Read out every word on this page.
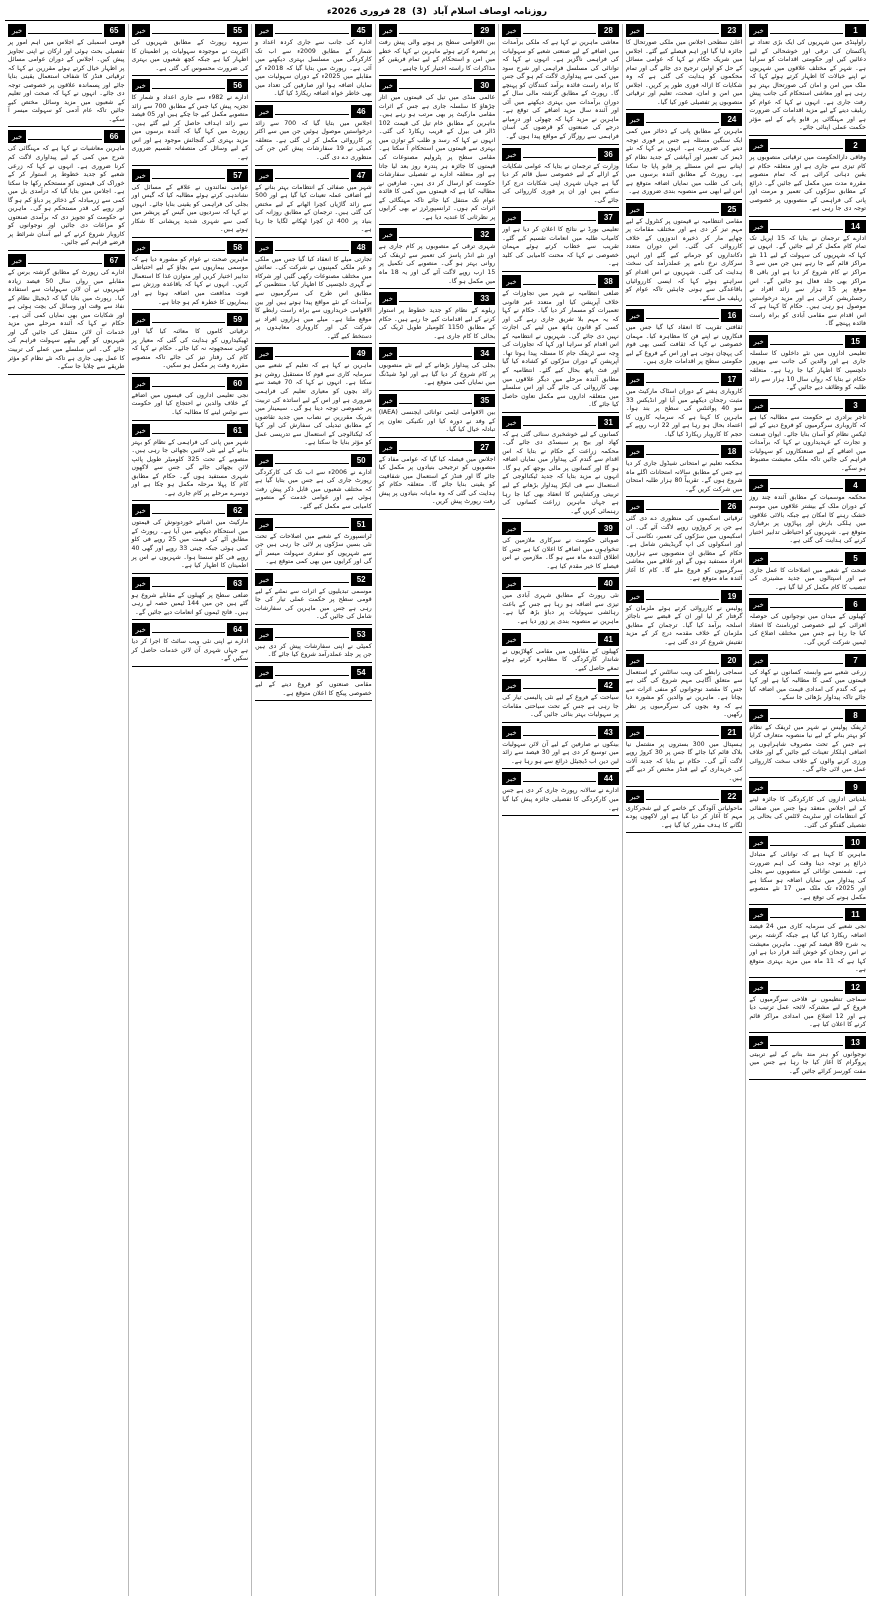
روزنامہ اوصاف اسلام آباد
(3)
28 فروری 2026ء
1
خبر
راولپنڈی میں شہریوں کی ایک بڑی تعداد نے پاکستان کی ترقی اور خوشحالی کے لیے دعائیں کیں اور حکومتی اقدامات کو سراہا ہے۔ شہر کے مختلف علاقوں میں شہریوں نے اپنے خیالات کا اظہار کرتے ہوئے کہا کہ ملک میں امن و امان کی صورتحال بہتر ہو رہی ہے اور معاشی استحکام کی جانب پیش رفت جاری ہے۔ انہوں نے کہا کہ عوام کو ریلیف دینے کے لیے مزید اقدامات کی ضرورت ہے اور مہنگائی پر قابو پانے کے لیے مؤثر حکمت عملی اپنائی جائے۔
2
خبر
وفاقی دارالحکومت میں ترقیاتی منصوبوں پر کام تیزی سے جاری ہے اور متعلقہ حکام نے یقین دہانی کرائی ہے کہ تمام منصوبے مقررہ مدت میں مکمل کیے جائیں گے۔ ذرائع کے مطابق سڑکوں کی تعمیر و مرمت اور پانی کی فراہمی کے منصوبوں پر خصوصی توجہ دی جا رہی ہے۔
14
خبر
ادارے کے ترجمان نے بتایا کہ 15 اپریل تک تمام کام مکمل کر لیے جائیں گے۔ انہوں نے کہا کہ شہریوں کی سہولت کے لیے 11 نئے مراکز قائم کیے جا رہے ہیں جن میں سے 3 مراکز نے کام شروع کر دیا ہے اور باقی 8 مراکز بھی جلد فعال ہو جائیں گے۔ اس موقع پر 15 ہزار سے زائد افراد نے رجسٹریشن کرائی ہے اور مزید درخواستیں موصول ہو رہی ہیں۔ حکام کا کہنا ہے کہ اس اقدام سے مقامی آبادی کو براہ راست فائدہ پہنچے گا۔
15
خبر
تعلیمی اداروں میں نئے داخلوں کا سلسلہ جاری ہے اور والدین کی جانب سے بھرپور دلچسپی کا اظہار کیا جا رہا ہے۔ متعلقہ حکام نے بتایا کہ رواں سال 10 ہزار سے زائد طلبہ کو وظائف دیے جائیں گے۔
3
خبر
تاجر برادری نے حکومت سے مطالبہ کیا ہے کہ کاروباری سرگرمیوں کو فروغ دینے کے لیے ٹیکس نظام کو آسان بنایا جائے۔ ایوان صنعت و تجارت کے عہدیداروں نے کہا کہ برآمدات میں اضافے کے لیے صنعتکاروں کو سہولیات فراہم کی جائیں تاکہ ملکی معیشت مضبوط ہو سکے۔
4
خبر
محکمہ موسمیات کے مطابق آئندہ چند روز کے دوران ملک کے بیشتر علاقوں میں موسم خشک رہنے کا امکان ہے جبکہ بالائی علاقوں میں ہلکی بارش اور پہاڑوں پر برفباری متوقع ہے۔ شہریوں کو احتیاطی تدابیر اختیار کرنے کی ہدایت کی گئی ہے۔
5
خبر
صحت کے شعبے میں اصلاحات کا عمل جاری ہے اور اسپتالوں میں جدید مشینری کی تنصیب کا کام مکمل کر لیا گیا ہے۔
6
خبر
کھیلوں کے میدان میں نوجوانوں کی حوصلہ افزائی کے لیے خصوصی ٹورنامنٹ کا انعقاد کیا جا رہا ہے جس میں مختلف اضلاع کی ٹیمیں شرکت کریں گی۔
7
خبر
زرعی شعبے سے وابستہ کسانوں نے کھاد کی قیمتوں میں کمی کا مطالبہ کیا ہے اور کہا ہے کہ گندم کی امدادی قیمت میں اضافہ کیا جائے تاکہ پیداوار بڑھائی جا سکے۔
8
خبر
ٹریفک پولیس نے شہر میں ٹریفک کے نظام کو بہتر بنانے کے لیے نیا منصوبہ متعارف کرایا ہے جس کے تحت مصروف شاہراہوں پر اضافی اہلکار تعینات کیے جائیں گے اور خلاف ورزی کرنے والوں کے خلاف سخت کارروائی عمل میں لائی جائے گی۔
9
خبر
بلدیاتی اداروں کی کارکردگی کا جائزہ لینے کے لیے اجلاس منعقد ہوا جس میں صفائی کے انتظامات اور سٹریٹ لائٹس کی بحالی پر تفصیلی گفتگو کی گئی۔
10
خبر
ماہرین کا کہنا ہے کہ توانائی کے متبادل ذرائع پر توجہ دینا وقت کی اہم ضرورت ہے۔ شمسی توانائی کے منصوبوں سے بجلی کی پیداوار میں نمایاں اضافہ ہو سکتا ہے اور 2025ء تک ملک میں 17 نئے منصوبے مکمل ہونے کی توقع ہے۔
11
خبر
نجی شعبے کی سرمایہ کاری میں 24 فیصد اضافہ ریکارڈ کیا گیا ہے جبکہ گزشتہ برس یہ شرح 89 فیصد کم تھی۔ ماہرین معیشت نے اس رجحان کو خوش آئند قرار دیا ہے اور کہا ہے کہ 11 ماہ میں مزید بہتری متوقع ہے۔
12
خبر
سماجی تنظیموں نے فلاحی سرگرمیوں کے فروغ کے لیے مشترکہ لائحہ عمل ترتیب دیا ہے اور 12 اضلاع میں امدادی مراکز قائم کرنے کا اعلان کیا ہے۔
13
خبر
نوجوانوں کو ہنر مند بنانے کے لیے تربیتی پروگرام کا آغاز کیا جا رہا ہے جس میں مفت کورسز کرائے جائیں گے۔
23
خبر
اعلیٰ سطحی اجلاس میں ملکی صورتحال کا جائزہ لیا گیا اور اہم فیصلے کیے گئے۔ اجلاس میں شریک حکام نے کہا کہ عوامی مسائل کے حل کو اولین ترجیح دی جائے گی اور تمام محکموں کو ہدایت کی گئی ہے کہ وہ شکایات کا ازالہ فوری طور پر کریں۔ اجلاس میں امن و امان، صحت، تعلیم اور ترقیاتی منصوبوں پر تفصیلی غور کیا گیا۔
24
خبر
ماہرین کے مطابق پانی کے ذخائر میں کمی ایک سنگین مسئلہ ہے جس پر فوری توجہ دینے کی ضرورت ہے۔ انہوں نے کہا کہ نئے ڈیمز کی تعمیر اور آبپاشی کے جدید نظام کو اپنانے سے اس مسئلے پر قابو پایا جا سکتا ہے۔ رپورٹ کے مطابق آئندہ برسوں میں پانی کی طلب میں نمایاں اضافہ متوقع ہے اس لیے ابھی سے منصوبہ بندی ضروری ہے۔
25
خبر
مقامی انتظامیہ نے قیمتوں پر کنٹرول کے لیے مہم تیز کر دی ہے اور مختلف مقامات پر چھاپے مار کر ذخیرہ اندوزوں کے خلاف کارروائی کی گئی۔ اس دوران متعدد دکانداروں کو جرمانے کیے گئے اور انہیں سرکاری نرخ نامے پر عملدرآمد کی سخت ہدایت کی گئی۔ شہریوں نے اس اقدام کو سراہتے ہوئے کہا کہ ایسی کارروائیاں باقاعدگی سے ہونی چاہئیں تاکہ عوام کو ریلیف مل سکے۔
16
خبر
ثقافتی تقریب کا انعقاد کیا گیا جس میں فنکاروں نے اپنے فن کا مظاہرہ کیا۔ مہمان خصوصی نے کہا کہ ثقافت کسی بھی قوم کی پہچان ہوتی ہے اور اس کے فروغ کے لیے حکومتی سطح پر اقدامات جاری ہیں۔
17
خبر
کاروباری ہفتے کے دوران اسٹاک مارکیٹ میں مثبت رجحان دیکھنے میں آیا اور انڈیکس 33 سو 40 پوائنٹس کی سطح پر بند ہوا۔ ماہرین کا کہنا ہے کہ سرمایہ کاروں کا اعتماد بحال ہو رہا ہے اور 22 ارب روپے کے حجم کا کاروبار ریکارڈ کیا گیا۔
18
خبر
محکمہ تعلیم نے امتحانی شیڈول جاری کر دیا ہے جس کے مطابق سالانہ امتحانات اگلے ماہ شروع ہوں گے۔ تقریباً 80 ہزار طلبہ امتحان میں شرکت کریں گے۔
26
خبر
ترقیاتی اسکیموں کی منظوری دے دی گئی ہے جن پر کروڑوں روپے لاگت آئے گی۔ ان اسکیموں میں سڑکوں کی تعمیر، نکاسی آب اور اسکولوں کی اپ گریڈیشن شامل ہے۔ حکام کے مطابق ان منصوبوں سے ہزاروں افراد مستفید ہوں گے اور علاقے میں معاشی سرگرمیوں کو فروغ ملے گا۔ کام کا آغاز آئندہ ماہ متوقع ہے۔
19
خبر
پولیس نے کارروائی کرتے ہوئے ملزمان کو گرفتار کر لیا اور ان کے قبضے سے ناجائز اسلحہ برآمد کیا گیا۔ ترجمان کے مطابق ملزمان کے خلاف مقدمہ درج کر کے مزید تفتیش شروع کر دی گئی ہے۔
20
خبر
سماجی رابطے کی ویب سائٹس کے استعمال سے متعلق آگاہی مہم شروع کی گئی ہے جس کا مقصد نوجوانوں کو منفی اثرات سے بچانا ہے۔ ماہرین نے والدین کو مشورہ دیا ہے کہ وہ بچوں کی سرگرمیوں پر نظر رکھیں۔
21
خبر
ہسپتال میں 300 بستروں پر مشتمل نیا بلاک قائم کیا جائے گا جس پر 30 کروڑ روپے لاگت آئے گی۔ حکام نے بتایا کہ جدید آلات کی خریداری کے لیے فنڈز مختص کر دیے گئے ہیں۔
22
خبر
ماحولیاتی آلودگی کے خاتمے کے لیے شجرکاری مہم کا آغاز کر دیا گیا ہے اور لاکھوں پودے لگانے کا ہدف مقرر کیا گیا ہے۔
28
خبر
معاشی ماہرین نے کہا ہے کہ ملکی برآمدات میں اضافے کے لیے صنعتی شعبے کو سہولیات کی فراہمی ناگزیر ہے۔ انہوں نے کہا کہ توانائی کی مسلسل فراہمی اور شرح سود میں کمی سے پیداواری لاگت کم ہو گی جس کا براہ راست فائدہ برآمد کنندگان کو پہنچے گا۔ رپورٹ کے مطابق گزشتہ مالی سال کے دوران برآمدات میں بہتری دیکھنے میں آئی اور آئندہ سال مزید اضافے کی توقع ہے۔ ماہرین نے مزید کہا کہ چھوٹی اور درمیانے درجے کی صنعتوں کو قرضوں کی آسان فراہمی سے روزگار کے مواقع پیدا ہوں گے۔
36
خبر
وزارت کے ترجمان نے بتایا کہ عوامی شکایات کے ازالے کے لیے خصوصی سیل قائم کر دیا گیا ہے جہاں شہری اپنی شکایات درج کرا سکتے ہیں اور ان پر فوری کارروائی کی جائے گی۔
37
خبر
تعلیمی بورڈ نے نتائج کا اعلان کر دیا ہے اور کامیاب طلبہ میں انعامات تقسیم کیے گئے۔ تقریب سے خطاب کرتے ہوئے مہمان خصوصی نے کہا کہ محنت کامیابی کی کلید ہے۔
38
خبر
ضلعی انتظامیہ نے شہر میں تجاوزات کے خلاف آپریشن کیا اور متعدد غیر قانونی تعمیرات کو مسمار کر دیا گیا۔ حکام نے کہا کہ یہ مہم بلا تفریق جاری رہے گی اور کسی کو قانون ہاتھ میں لینے کی اجازت نہیں دی جائے گی۔ شہریوں نے انتظامیہ کے اس اقدام کو سراہا اور کہا کہ تجاوزات کی وجہ سے ٹریفک جام کا مسئلہ پیدا ہوتا تھا۔ آپریشن کے دوران سڑکوں کو کشادہ کیا گیا اور فٹ پاتھ بحال کیے گئے۔ انتظامیہ کے مطابق آئندہ مرحلے میں دیگر علاقوں میں بھی کارروائی کی جائے گی اور اس سلسلے میں متعلقہ اداروں سے مکمل تعاون حاصل کیا جائے گا۔
31
خبر
کسانوں کے لیے خوشخبری سنائی گئی ہے کہ کھاد اور بیج پر سبسڈی دی جائے گی۔ محکمہ زراعت کے حکام نے بتایا کہ اس اقدام سے گندم کی پیداوار میں نمایاں اضافہ ہو گا اور کسانوں پر مالی بوجھ کم ہو گا۔ انہوں نے مزید بتایا کہ جدید ٹیکنالوجی کے استعمال سے فی ایکڑ پیداوار بڑھانے کے لیے تربیتی ورکشاپس کا انعقاد بھی کیا جا رہا ہے جہاں ماہرین زراعت کسانوں کی رہنمائی کریں گے۔
39
خبر
صوبائی حکومت نے سرکاری ملازمین کی تنخواہوں میں اضافے کا اعلان کیا ہے جس کا اطلاق آئندہ ماہ سے ہو گا۔ ملازمین نے اس فیصلے کا خیر مقدم کیا ہے۔
40
خبر
نئی رپورٹ کے مطابق شہری آبادی میں تیزی سے اضافہ ہو رہا ہے جس کے باعث رہائشی سہولیات پر دباؤ بڑھ گیا ہے۔ ماہرین نے منصوبہ بندی پر زور دیا ہے۔
41
خبر
کھیلوں کے مقابلوں میں مقامی کھلاڑیوں نے شاندار کارکردگی کا مظاہرہ کرتے ہوئے تمغے حاصل کیے۔
42
خبر
سیاحت کے فروغ کے لیے نئی پالیسی تیار کی جا رہی ہے جس کے تحت سیاحتی مقامات پر سہولیات بہتر بنائی جائیں گی۔
43
خبر
بینکوں نے صارفین کے لیے آن لائن سہولیات میں توسیع کر دی ہے اور 30 فیصد سے زائد لین دین اب ڈیجیٹل ذرائع سے ہو رہا ہے۔
44
خبر
ادارے نے سالانہ رپورٹ جاری کر دی ہے جس میں کارکردگی کا تفصیلی جائزہ پیش کیا گیا ہے۔
29
خبر
بین الاقوامی سطح پر ہونے والی پیش رفت پر تبصرہ کرتے ہوئے ماہرین نے کہا کہ خطے میں امن و استحکام کے لیے تمام فریقین کو مذاکرات کا راستہ اختیار کرنا چاہیے۔
30
خبر
عالمی منڈی میں تیل کی قیمتوں میں اتار چڑھاؤ کا سلسلہ جاری ہے جس کے اثرات مقامی مارکیٹ پر بھی مرتب ہو رہے ہیں۔ ماہرین کے مطابق خام تیل کی قیمت 102 ڈالر فی بیرل کے قریب ریکارڈ کی گئی۔ انہوں نے کہا کہ رسد و طلب کے توازن میں بہتری سے قیمتوں میں استحکام آ سکتا ہے۔ مقامی سطح پر پٹرولیم مصنوعات کی قیمتوں کا جائزہ ہر پندرہ روز بعد لیا جاتا ہے اور متعلقہ ادارے نے تفصیلی سفارشات حکومت کو ارسال کر دی ہیں۔ صارفین نے مطالبہ کیا ہے کہ قیمتوں میں کمی کا فائدہ عوام تک منتقل کیا جائے تاکہ مہنگائی کے اثرات کم ہوں۔ ٹرانسپورٹرز نے بھی کرایوں پر نظرثانی کا عندیہ دیا ہے۔
32
خبر
شہری ترقی کے منصوبوں پر کام جاری ہے اور نئے انڈر پاسز کی تعمیر سے ٹریفک کی روانی بہتر ہو گی۔ منصوبے کی تکمیل پر 15 ارب روپے لاگت آئے گی اور یہ 18 ماہ میں مکمل ہو گا۔
33
خبر
ریلوے کے نظام کو جدید خطوط پر استوار کرنے کے لیے اقدامات کیے جا رہے ہیں۔ حکام کے مطابق 1150 کلومیٹر طویل ٹریک کی بحالی کا کام جاری ہے۔
34
خبر
بجلی کی پیداوار بڑھانے کے لیے نئے منصوبوں پر کام شروع کر دیا گیا ہے اور لوڈ شیڈنگ میں نمایاں کمی متوقع ہے۔
35
خبر
بین الاقوامی ایٹمی توانائی ایجنسی (IAEA) کے وفد نے دورہ کیا اور تکنیکی تعاون پر تبادلہ خیال کیا گیا۔
27
خبر
اجلاس میں فیصلہ کیا گیا کہ عوامی مفاد کے منصوبوں کو ترجیحی بنیادوں پر مکمل کیا جائے گا اور فنڈز کے استعمال میں شفافیت کو یقینی بنایا جائے گا۔ متعلقہ حکام کو ہدایت کی گئی کہ وہ ماہانہ بنیادوں پر پیش رفت رپورٹ پیش کریں۔
45
خبر
ادارے کی جانب سے جاری کردہ اعداد و شمار کے مطابق 2009ء سے اب تک کارکردگی میں مسلسل بہتری دیکھنے میں آئی ہے۔ رپورٹ میں بتایا گیا کہ 2018ء کے مقابلے میں 2025ء کے دوران سہولیات میں نمایاں اضافہ ہوا اور صارفین کی تعداد میں بھی خاطر خواہ اضافہ ریکارڈ کیا گیا۔
46
خبر
اجلاس میں بتایا گیا کہ 700 سے زائد درخواستیں موصول ہوئیں جن میں سے اکثر پر کارروائی مکمل کر لی گئی ہے۔ متعلقہ کمیٹی نے 19 سفارشات پیش کیں جن کی منظوری دے دی گئی۔
47
خبر
شہر میں صفائی کے انتظامات بہتر بنانے کے لیے اضافی عملہ تعینات کیا گیا ہے اور 500 سے زائد گاڑیاں کچرا اٹھانے کے لیے مختص کی گئی ہیں۔ ترجمان کے مطابق روزانہ کی بنیاد پر 400 ٹن کچرا ٹھکانے لگایا جا رہا ہے۔
48
خبر
تجارتی میلے کا انعقاد کیا گیا جس میں ملکی و غیر ملکی کمپنیوں نے شرکت کی۔ نمائش میں مختلف مصنوعات رکھی گئیں اور شرکاء نے گہری دلچسپی کا اظہار کیا۔ منتظمین کے مطابق اس طرح کی سرگرمیوں سے برآمدات کے نئے مواقع پیدا ہوتے ہیں اور بین الاقوامی خریداروں سے براہ راست رابطے کا موقع ملتا ہے۔ میلے میں ہزاروں افراد نے شرکت کی اور کاروباری معاہدوں پر دستخط کیے گئے۔
49
خبر
ماہرین نے کہا ہے کہ تعلیم کے شعبے میں سرمایہ کاری سے قوم کا مستقبل روشن ہو سکتا ہے۔ انہوں نے کہا کہ 70 فیصد سے زائد بچوں کو معیاری تعلیم کی فراہمی ضروری ہے اور اس کے لیے اساتذہ کی تربیت پر خصوصی توجہ دینا ہو گی۔ سیمینار میں شریک مقررین نے نصاب میں جدید تقاضوں کے مطابق تبدیلی کی سفارش کی اور کہا کہ ٹیکنالوجی کے استعمال سے تدریسی عمل کو مؤثر بنایا جا سکتا ہے۔
50
خبر
ادارے نے 2006ء سے اب تک کی کارکردگی رپورٹ جاری کی ہے جس میں بتایا گیا ہے کہ مختلف شعبوں میں قابل ذکر پیش رفت ہوئی ہے اور عوامی خدمت کے منصوبے کامیابی سے مکمل کیے گئے۔
51
خبر
ٹرانسپورٹ کے شعبے میں اصلاحات کے تحت نئی بسیں سڑکوں پر لائی جا رہی ہیں جن سے شہریوں کو سفری سہولت میسر آئے گی اور کرایوں میں بھی کمی متوقع ہے۔
52
خبر
موسمی تبدیلیوں کے اثرات سے نمٹنے کے لیے قومی سطح پر حکمت عملی تیار کی جا رہی ہے جس میں ماہرین کی سفارشات شامل کی جائیں گی۔
53
خبر
کمیٹی نے اپنی سفارشات پیش کر دی ہیں جن پر جلد عملدرآمد شروع کیا جائے گا۔
54
خبر
مقامی صنعتوں کو فروغ دینے کے لیے خصوصی پیکج کا اعلان متوقع ہے۔
55
خبر
سروے رپورٹ کے مطابق شہریوں کی اکثریت نے موجودہ سہولیات پر اطمینان کا اظہار کیا ہے جبکہ کچھ شعبوں میں بہتری کی ضرورت محسوس کی گئی ہے۔
56
خبر
ادارے نے 982ء سے جاری اعداد و شمار کا تجزیہ پیش کیا جس کے مطابق 700 سے زائد منصوبے مکمل کیے جا چکے ہیں اور 05 فیصد سے زائد اہداف حاصل کر لیے گئے ہیں۔ رپورٹ میں کہا گیا کہ آئندہ برسوں میں مزید بہتری کی گنجائش موجود ہے اور اس کے لیے وسائل کی منصفانہ تقسیم ضروری ہے۔
57
خبر
عوامی نمائندوں نے علاقے کے مسائل کی نشاندہی کرتے ہوئے مطالبہ کیا کہ گیس اور بجلی کی فراہمی کو یقینی بنایا جائے۔ انہوں نے کہا کہ سردیوں میں گیس کے پریشر میں کمی سے شہری شدید پریشانی کا شکار ہوتے ہیں۔
58
خبر
ماہرین صحت نے عوام کو مشورہ دیا ہے کہ موسمی بیماریوں سے بچاؤ کے لیے احتیاطی تدابیر اختیار کریں اور متوازن غذا کا استعمال کریں۔ انہوں نے کہا کہ باقاعدہ ورزش سے قوت مدافعت میں اضافہ ہوتا ہے اور بیماریوں کا خطرہ کم ہو جاتا ہے۔
59
خبر
ترقیاتی کاموں کا معائنہ کیا گیا اور ٹھیکیداروں کو ہدایت کی گئی کہ معیار پر کوئی سمجھوتہ نہ کیا جائے۔ حکام نے کہا کہ کام کی رفتار تیز کی جائے تاکہ منصوبے مقررہ وقت پر مکمل ہو سکیں۔
60
خبر
نجی تعلیمی اداروں کی فیسوں میں اضافے کے خلاف والدین نے احتجاج کیا اور حکومت سے نوٹس لینے کا مطالبہ کیا۔
61
خبر
شہر میں پانی کی فراہمی کے نظام کو بہتر بنانے کے لیے نئی لائنیں بچھائی جا رہی ہیں۔ منصوبے کے تحت 325 کلومیٹر طویل پائپ لائن بچھائی جائے گی جس سے لاکھوں شہری مستفید ہوں گے۔ حکام کے مطابق کام کا پہلا مرحلہ مکمل ہو چکا ہے اور دوسرے مرحلے پر کام جاری ہے۔
62
خبر
مارکیٹ میں اشیائے خوردونوش کی قیمتوں میں استحکام دیکھنے میں آیا ہے۔ رپورٹ کے مطابق آٹے کی قیمت میں 25 روپے فی کلو کمی ہوئی جبکہ چینی 33 روپے اور گھی 40 روپے فی کلو سستا ہوا۔ شہریوں نے اس پر اطمینان کا اظہار کیا ہے۔
63
خبر
ضلعی سطح پر کھیلوں کے مقابلے شروع ہو گئے ہیں جن میں 144 ٹیمیں حصہ لے رہی ہیں۔ فاتح ٹیموں کو انعامات دیے جائیں گے۔
64
خبر
ادارے نے اپنی نئی ویب سائٹ کا اجرا کر دیا ہے جہاں شہری آن لائن خدمات حاصل کر سکیں گے۔
65
خبر
قومی اسمبلی کے اجلاس میں اہم امور پر تفصیلی بحث ہوئی اور ارکان نے اپنی تجاویز پیش کیں۔ اجلاس کے دوران عوامی مسائل پر اظہار خیال کرتے ہوئے مقررین نے کہا کہ ترقیاتی فنڈز کا شفاف استعمال یقینی بنایا جائے اور پسماندہ علاقوں پر خصوصی توجہ دی جائے۔ انہوں نے کہا کہ صحت اور تعلیم کے شعبوں میں مزید وسائل مختص کیے جائیں تاکہ عام آدمی کو سہولت میسر آ سکے۔
66
خبر
ماہرین معاشیات نے کہا ہے کہ مہنگائی کی شرح میں کمی کے لیے پیداواری لاگت کم کرنا ضروری ہے۔ انہوں نے کہا کہ زرعی شعبے کو جدید خطوط پر استوار کر کے خوراک کی قیمتوں کو مستحکم رکھا جا سکتا ہے۔ اجلاس میں بتایا گیا کہ درآمدی بل میں کمی سے زرمبادلہ کے ذخائر پر دباؤ کم ہو گا اور روپے کی قدر مستحکم ہو گی۔ ماہرین نے حکومت کو تجویز دی کہ برآمدی صنعتوں کو مراعات دی جائیں اور نوجوانوں کو کاروبار شروع کرنے کے لیے آسان شرائط پر قرضے فراہم کیے جائیں۔
67
خبر
ادارے کی رپورٹ کے مطابق گزشتہ برس کے مقابلے میں رواں سال 50 فیصد زیادہ شہریوں نے آن لائن سہولیات سے استفادہ کیا۔ رپورٹ میں بتایا گیا کہ ڈیجیٹل نظام کے نفاذ سے وقت اور وسائل کی بچت ہوئی ہے اور شکایات میں بھی نمایاں کمی آئی ہے۔ حکام نے کہا کہ آئندہ مرحلے میں مزید خدمات آن لائن منتقل کی جائیں گی اور شہریوں کو گھر بیٹھے سہولت فراہم کی جائے گی۔ اس سلسلے میں عملے کی تربیت کا عمل بھی جاری ہے تاکہ نئے نظام کو مؤثر طریقے سے چلایا جا سکے۔
